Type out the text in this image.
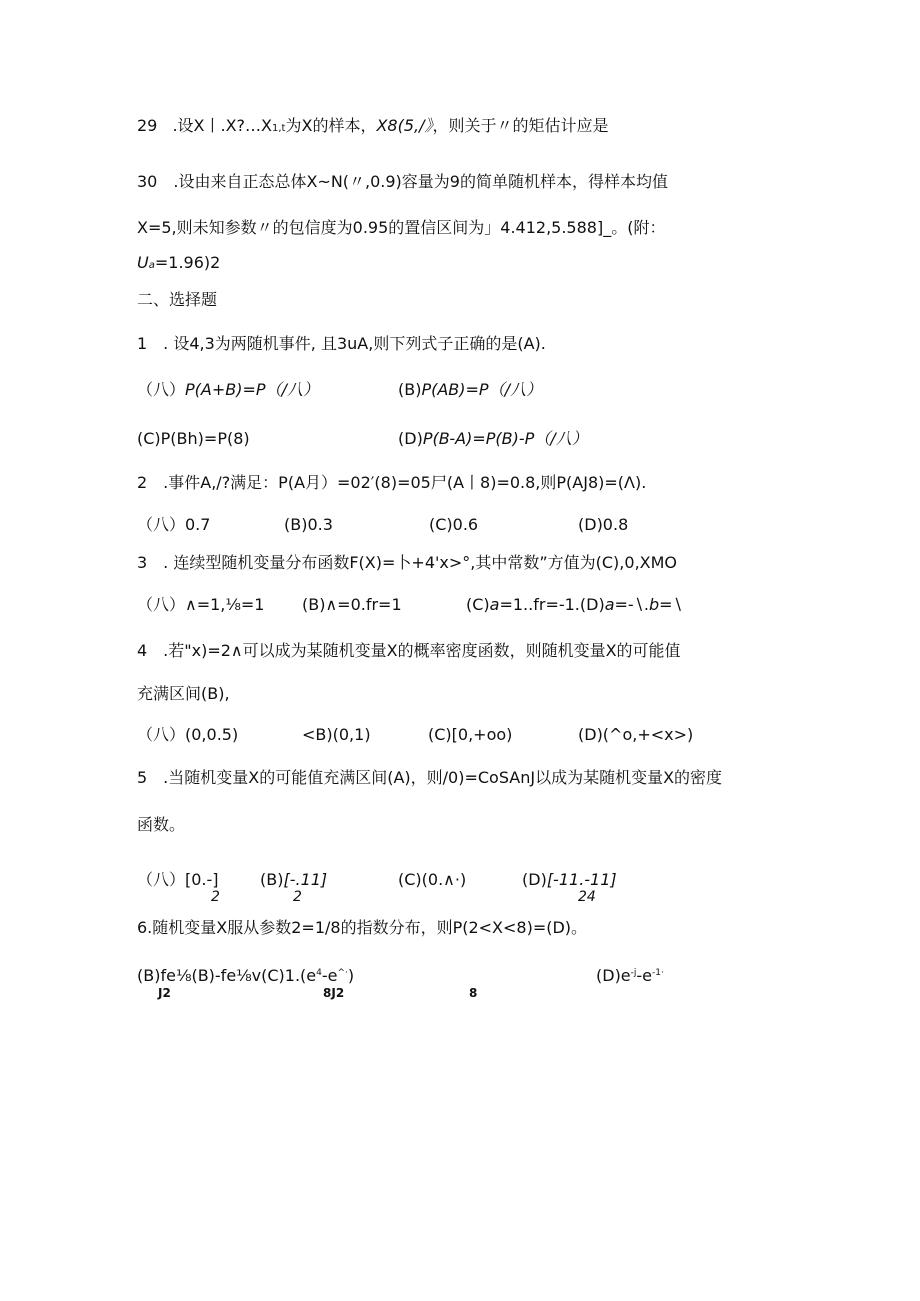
29 .设X丨.X?…X1,t为X的样本，X8(5,/》，则关于〃的矩估计应是
30　.设由来自正态总体X~N(〃,0.9)容量为9的简单随机样本，得样本均值
X=5,则未知参数〃的包信度为0.95的置信区间为」4.412,5.588]_。(附：
Ua=1.96)2
二、选择题
1　. 设4,3为两随机事件, 且3uA,则下列式子正确的是(A).
（八）P(A+B)=P（/八）	(B)P(AB)=P（/八）
(C)P(Bh)=P(8)	(D)P(B-A)=P(B)-P（/八）
2　.事件A,/?满足：P(A月）=02′(8)=05尸(A丨8)=0.8,则P(AJ8)=(Λ).
（八）0.7	(B)0.3	(C)0.6	(D)0.8
3　. 连续型随机变量分布函数F(X)=卜+4'x>°,其中常数”方值为(C),0,XMO
（八）∧=1,⅛=1 (B)∧=0.fr=1	(C)a=1..fr=-1.(D)a=-∖.b=∖
4　.若"x)=2∧可以成为某随机变量X的概率密度函数，则随机变量X的可能值
充满区间(B),
（八）(0,0.5)	<B)(0,1)	(C)[0,+oo)	(D)(^o,+<x>)
5　.当随机变量X的可能值充满区间(A)，则/0)=CoSAnJ以成为某随机变量X的密度
函数。
（八）[0.-]
2
(B)[-.11]
2
(C)(0.∧·)	(D)[-11.-11]
24
6.随机变量X服从参数2=1/8的指数分布，则P(2<X<8)=(D)。
$(B)fe\frac{1}{8}(B)-fe\frac{1}{8}v(C)1.(e^4-e^{\^{}\cdot})$
J2	8J2	8
$(D)e^{-j}-e^{-1\cdot}$
